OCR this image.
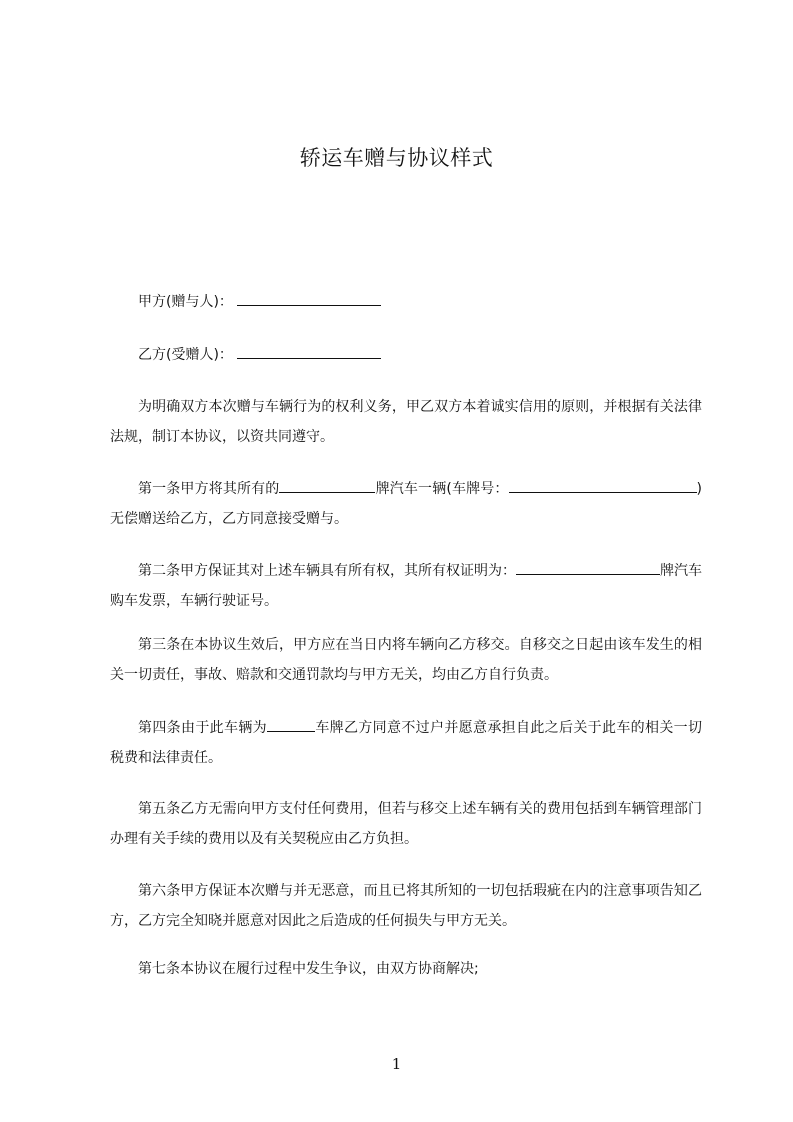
轿运车赠与协议样式
甲方(赠与人)：
乙方(受赠人)：
为明确双方本次赠与车辆行为的权利义务，甲乙双方本着诚实信用的原则，并根据有关法律法规，制订本协议，以资共同遵守。
第一条甲方将其所有的	牌汽车一辆(车牌号：	)无偿赠送给乙方，乙方同意接受赠与。
第二条甲方保证其对上述车辆具有所有权，其所有权证明为：	牌汽车购车发票，车辆行驶证号。
第三条在本协议生效后，甲方应在当日内将车辆向乙方移交。自移交之日起由该车发生的相关一切责任，事故、赔款和交通罚款均与甲方无关，均由乙方自行负责。
第四条由于此车辆为	车牌乙方同意不过户并愿意承担自此之后关于此车的相关一切税费和法律责任。
第五条乙方无需向甲方支付任何费用，但若与移交上述车辆有关的费用包括到车辆管理部门办理有关手续的费用以及有关契税应由乙方负担。
第六条甲方保证本次赠与并无恶意，而且已将其所知的一切包括瑕疵在内的注意事项告知乙方，乙方完全知晓并愿意对因此之后造成的任何损失与甲方无关。
第七条本协议在履行过程中发生争议，由双方协商解决;
1
